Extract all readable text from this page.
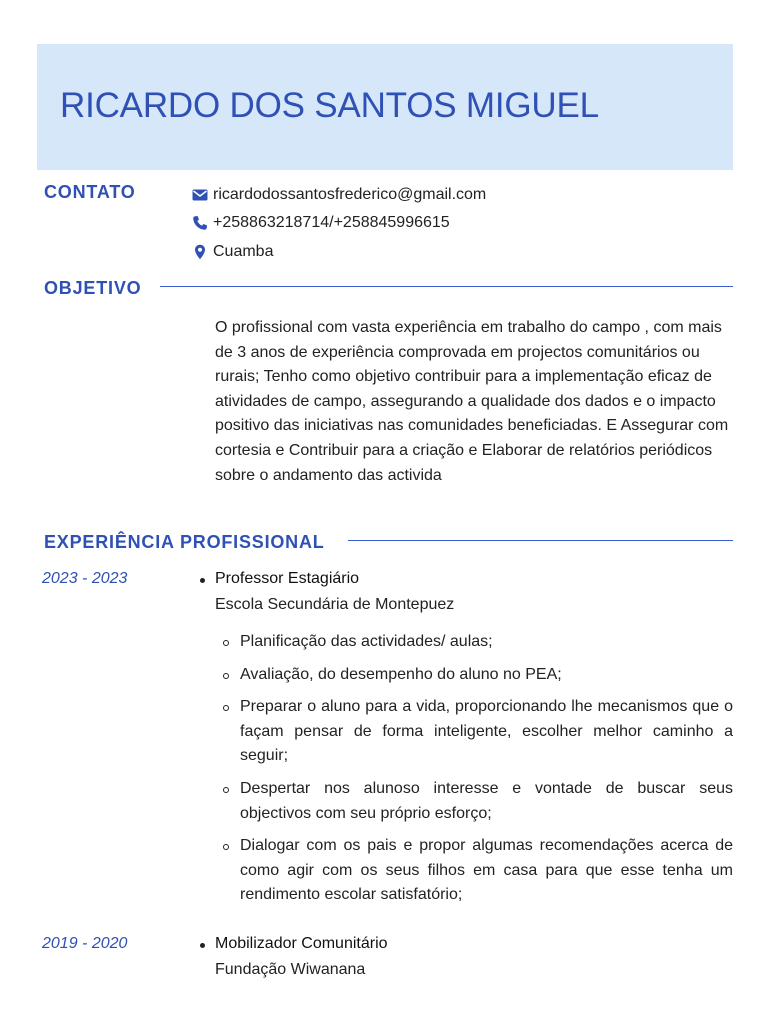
RICARDO DOS SANTOS MIGUEL
CONTATO	ricardodossantosfrederico@gmail.com
+258863218714/+258845996615
Cuamba
OBJETIVO

O profissional com vasta experiência em trabalho do campo , com mais de 3 anos de experiência comprovada em projectos comunitários ou rurais; Tenho como objetivo contribuir para a implementação eficaz de atividades de campo, assegurando a qualidade dos dados e o impacto positivo das iniciativas nas comunidades beneficiadas. E Assegurar com cortesia e Contribuir para a criação e Elaborar de relatórios periódicos sobre o andamento das activida

EXPERIÊNCIA PROFISSIONAL
2023 - 2023	Professor Estagiário
Escola Secundária de Montepuez
Planificação das actividades/ aulas;
Avaliação, do desempenho do aluno no PEA;
Preparar o aluno para a vida, proporcionando lhe mecanismos que o façam pensar de forma inteligente, escolher melhor caminho a seguir;
Despertar nos alunoso interesse e vontade de buscar seus objectivos com seu próprio esforço;
Dialogar com os pais e propor algumas recomendações acerca de como agir com os seus filhos em casa para que esse tenha um rendimento escolar satisfatório;
2019 - 2020	Mobilizador Comunitário
Fundação Wiwanana
